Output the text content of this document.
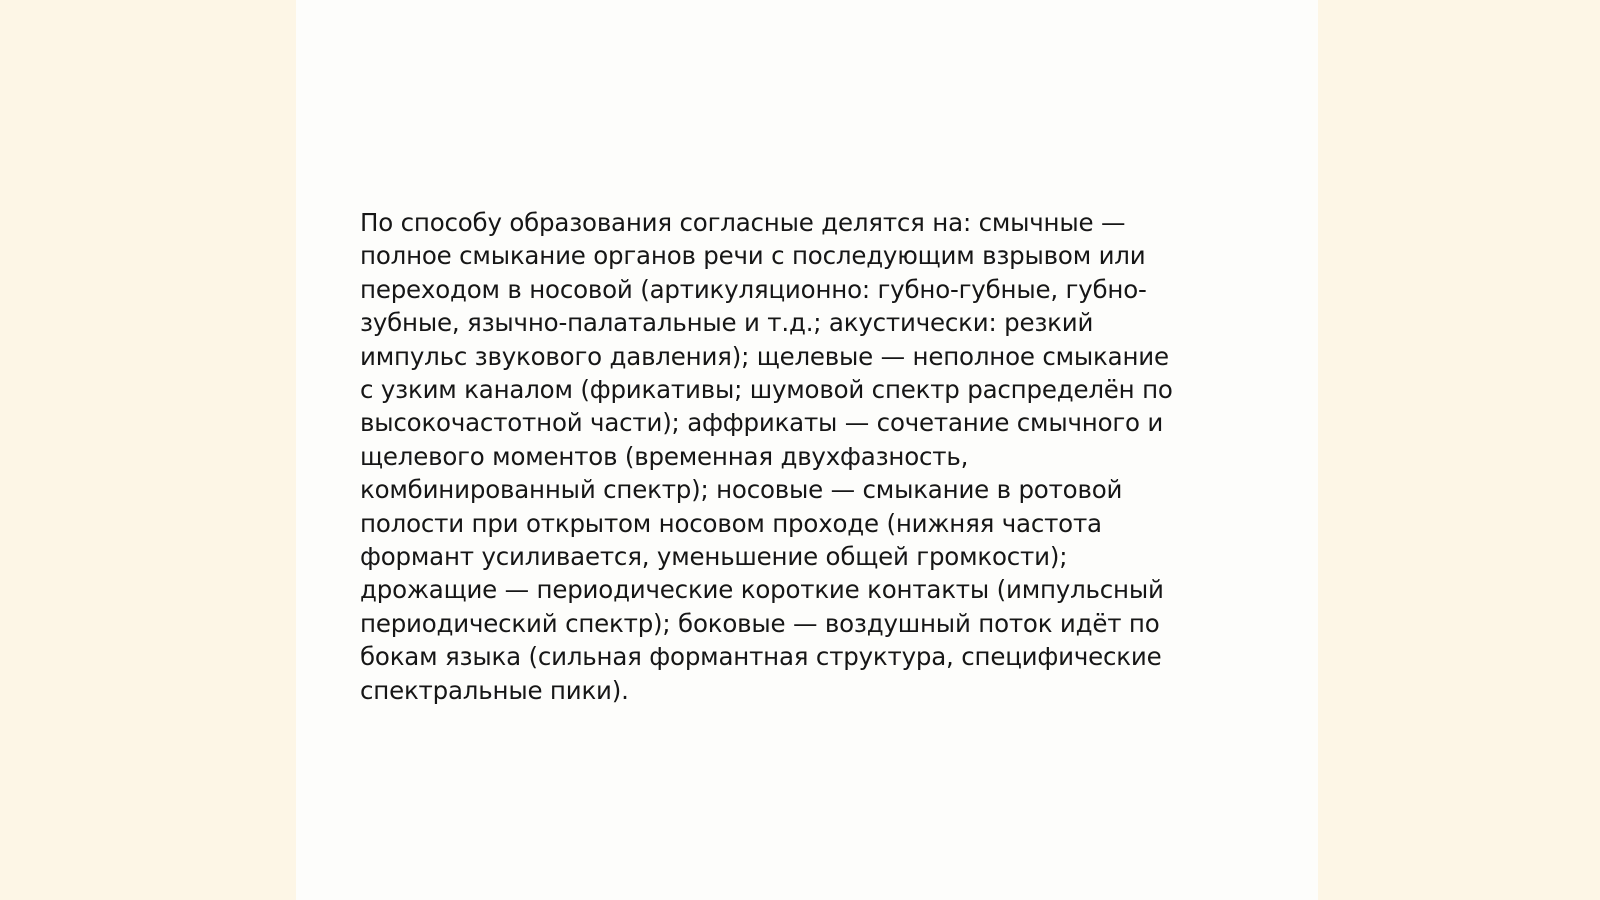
По способу образования согласные делятся на: смычные —
полное смыкание органов речи с последующим взрывом или
переходом в носовой (артикуляционно: губно-губные, губно-
зубные, язычно-палатальные и т.д.; акустически: резкий
импульс звукового давления); щелевые — неполное смыкание
с узким каналом (фрикативы; шумовой спектр распределён по
высокочастотной части); аффрикаты — сочетание смычного и
щелевого моментов (временная двухфазность,
комбинированный спектр); носовые — смыкание в ротовой
полости при открытом носовом проходе (нижняя частота
формант усиливается, уменьшение общей громкости);
дрожащие — периодические короткие контакты (импульсный
периодический спектр); боковые — воздушный поток идёт по
бокам языка (сильная формантная структура, специфические
спектральные пики).
